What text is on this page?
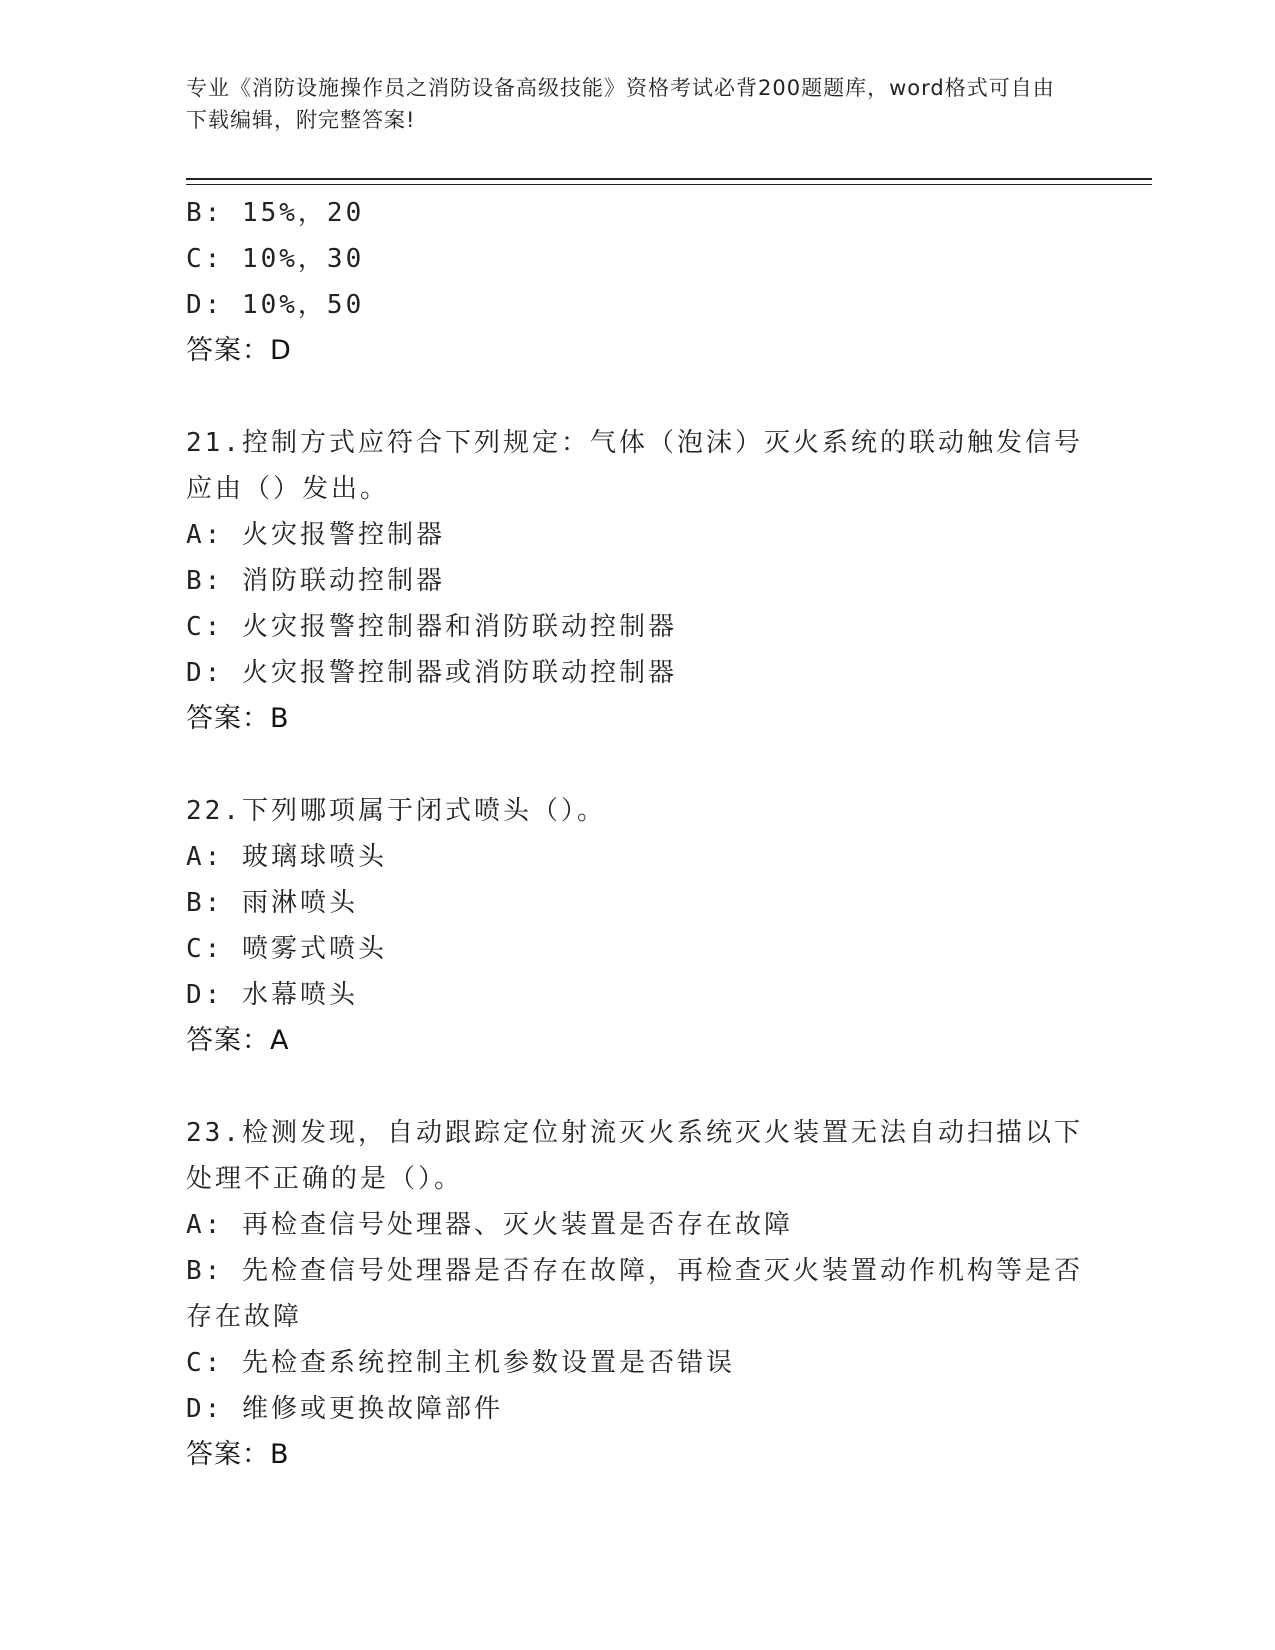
专业《消防设施操作员之消防设备高级技能》资格考试必背200题题库，word格式可自由下载编辑，附完整答案!
B: 15%，20
C: 10%，30
D: 10%，50
答案：D
21.控制方式应符合下列规定：气体（泡沫）灭火系统的联动触发信号应由（）发出。
A: 火灾报警控制器
B: 消防联动控制器
C: 火灾报警控制器和消防联动控制器
D: 火灾报警控制器或消防联动控制器
答案：B
22.下列哪项属于闭式喷头（）。
A: 玻璃球喷头
B: 雨淋喷头
C: 喷雾式喷头
D: 水幕喷头
答案：A
23.检测发现，自动跟踪定位射流灭火系统灭火装置无法自动扫描以下处理不正确的是（）。
A: 再检查信号处理器、灭火装置是否存在故障
B: 先检查信号处理器是否存在故障，再检查灭火装置动作机构等是否存在故障
C: 先检查系统控制主机参数设置是否错误
D: 维修或更换故障部件
答案：B
